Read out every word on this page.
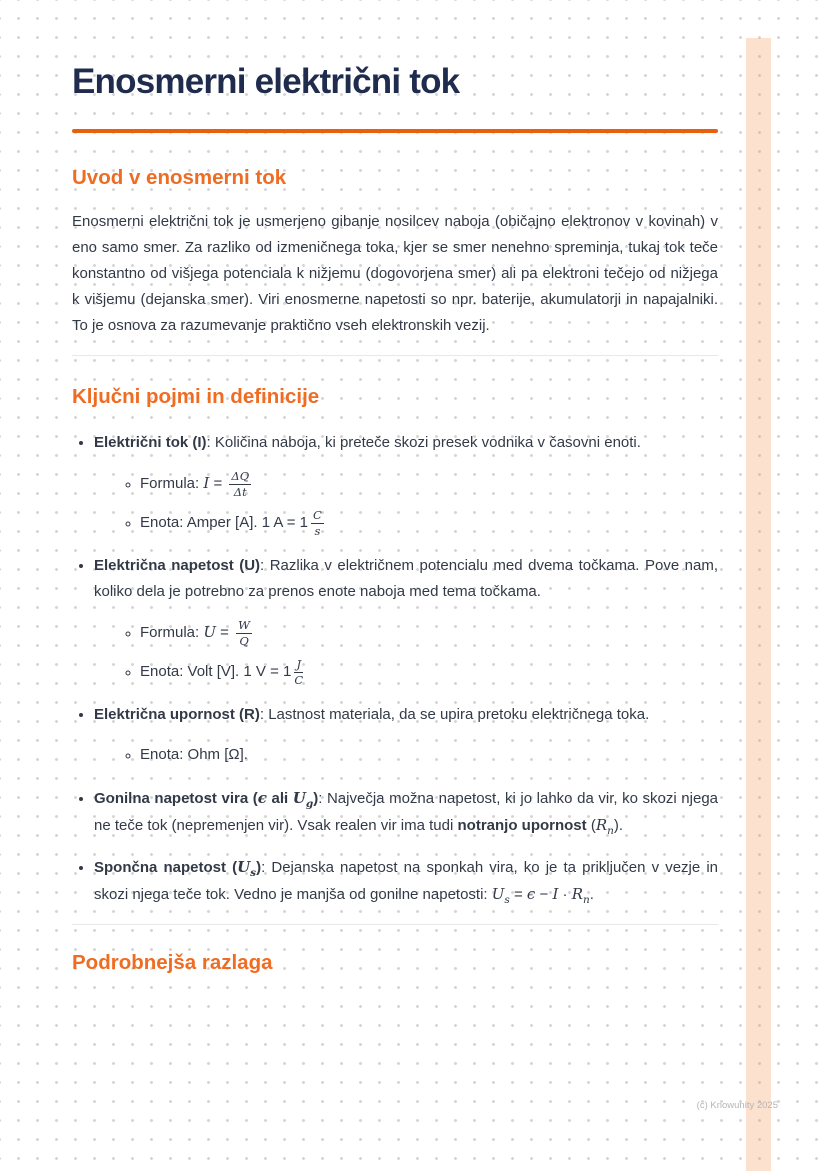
Enosmerni električni tok
Uvod v enosmerni tok

Enosmerni električni tok je usmerjeno gibanje nosilcev naboja (običajno elektronov v kovinah) v eno samo smer. Za razliko od izmeničnega toka, kjer se smer nenehno spreminja, tukaj tok teče konstantno od višjega potenciala k nižjemu (dogovorjena smer) ali pa elektroni tečejo od nižjega k višjemu (dejanska smer). Viri enosmerne napetosti so npr. baterije, akumulatorji in napajalniki. To je osnova za razumevanje praktično vseh elektronskih vezij.

Ključni pojmi in definicije

• Električni tok (I): Količina naboja, ki preteče skozi presek vodnika v časovni enoti.

◦ Formula: $I = \frac{\Delta Q}{\Delta t}$
◦ Enota: Amper [A]. 1 $A = 1 \frac{C}{s}$

• Električna napetost (U): Razlika v električnem potencialu med dvema točkama. Pove nam, koliko dela je potrebno za prenos enote naboja med tema točkama.

◦ Formula: $U = \frac{W}{Q}$
◦ Enota: Volt [V]. 1 $V = 1 \frac{J}{C}$

• Električna upornost (R): Lastnost materiala, da se upira pretoku električnega toka.

◦ Enota: Ohm [Ω].

• Gonilna napetost vira (ϵ ali $U_g$): Največja možna napetost, ki jo lahko da vir, ko skozi njega ne teče tok (nepremenjen vir). Vsak realen vir ima tudi notranjo upornost $(R_n)$.

• Spončna napetost $(U_s)$: Dejanska napetost na sponkah vira, ko je ta priključen v vezje in skozi njega teče tok. Vedno je manjša od gonilne napetosti: $U_s = \epsilon - I \cdot R_n$.

Podrobnejša razlaga
(c) Knowunity 2025
